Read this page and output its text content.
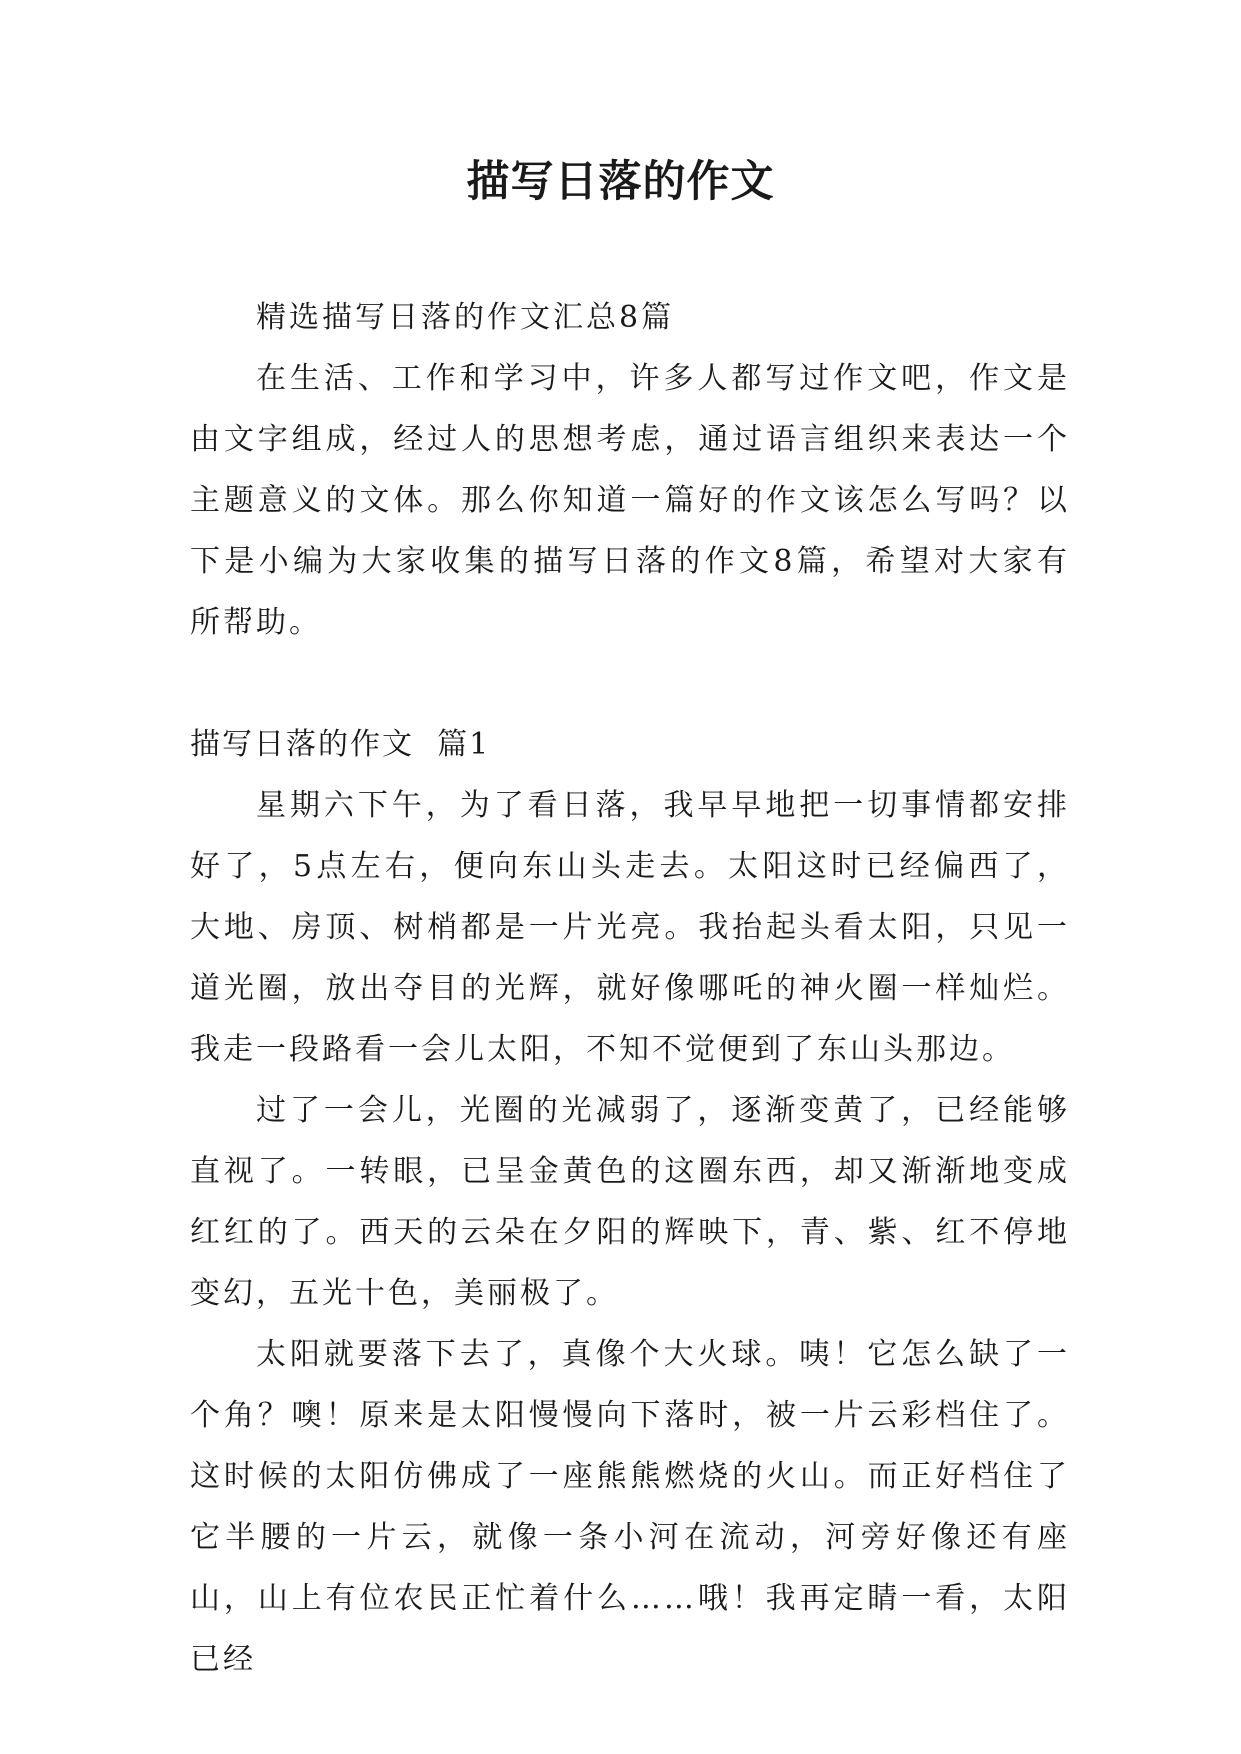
描写日落的作文

精选描写日落的作文汇总8篇

在生活、工作和学习中，许多人都写过作文吧，作文是由文字组成，经过人的思想考虑，通过语言组织来表达一个主题意义的文体。那么你知道一篇好的作文该怎么写吗？以下是小编为大家收集的描写日落的作文8篇，希望对大家有所帮助。

描写日落的作文  篇1

星期六下午，为了看日落，我早早地把一切事情都安排好了，5点左右，便向东山头走去。太阳这时已经偏西了，大地、房顶、树梢都是一片光亮。我抬起头看太阳，只见一道光圈，放出夺目的光辉，就好像哪吒的神火圈一样灿烂。我走一段路看一会儿太阳，不知不觉便到了东山头那边。

过了一会儿，光圈的光减弱了，逐渐变黄了，已经能够直视了。一转眼，已呈金黄色的这圈东西，却又渐渐地变成红红的了。西天的云朵在夕阳的辉映下，青、紫、红不停地变幻，五光十色，美丽极了。

太阳就要落下去了，真像个大火球。咦！它怎么缺了一个角？噢！原来是太阳慢慢向下落时，被一片云彩档住了。这时候的太阳仿佛成了一座熊熊燃烧的火山。而正好档住了它半腰的一片云，就像一条小河在流动，河旁好像还有座山，山上有位农民正忙着什么……哦！我再定睛一看，太阳已经
